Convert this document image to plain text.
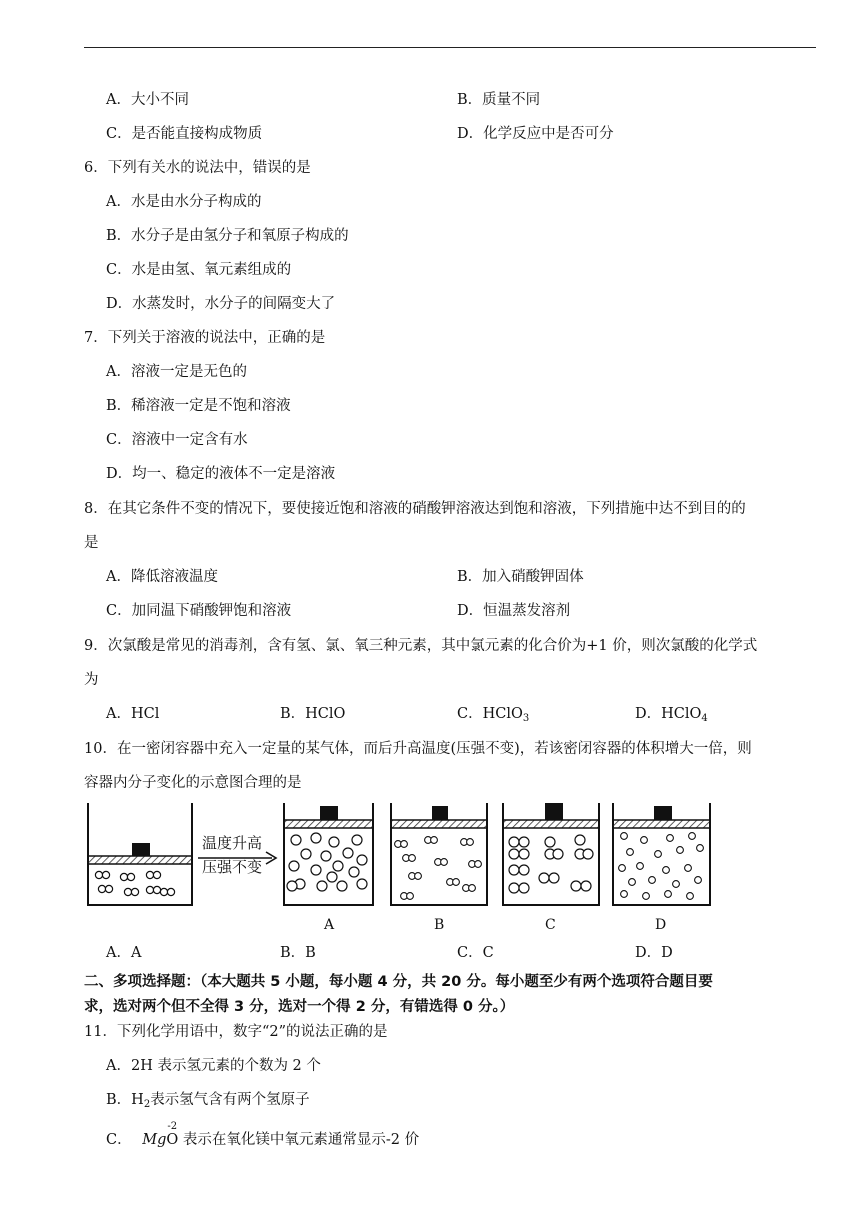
A．大小不同	B．质量不同
C．是否能直接构成物质	D．化学反应中是否可分
6．下列有关水的说法中，错误的是
A．水是由水分子构成的
B．水分子是由氢分子和氧原子构成的
C．水是由氢、氧元素组成的
D．水蒸发时，水分子的间隔变大了
7．下列关于溶液的说法中，正确的是
A．溶液一定是无色的
B．稀溶液一定是不饱和溶液
C．溶液中一定含有水
D．均一、稳定的液体不一定是溶液
8．在其它条件不变的情况下，要使接近饱和溶液的硝酸钾溶液达到饱和溶液，下列措施中达不到目的的
是
A．降低溶液温度	B．加入硝酸钾固体
C．加同温下硝酸钾饱和溶液	D．恒温蒸发溶剂
9．次氯酸是常见的消毒剂，含有氢、氯、氧三种元素，其中氯元素的化合价为+1 价，则次氯酸的化学式
为
A．HCl	B．HClO	C．HClO$_3$	D．HClO$_4$
10．在一密闭容器中充入一定量的某气体，而后升高温度(压强不变)，若该密闭容器的体积增大一倍，则
容器内分子变化的示意图合理的是
温度升高
压强不变
A	B	C	D
A．A	B．B	C．C	D．D
二、多项选择题：（本大题共 5 小题，每小题 4 分，共 20 分。每小题至少有两个选项符合题目要
求，选对两个但不全得 3 分，选对一个得 2 分，有错选得 0 分。）
11．下列化学用语中，数字“2”的说法正确的是
A．2H 表示氢元素的个数为 2 个
B．$H_2$表示氢气含有两个氢原子
C． Mg
-2
O 表示在氧化镁中氧元素通常显示-2 价
